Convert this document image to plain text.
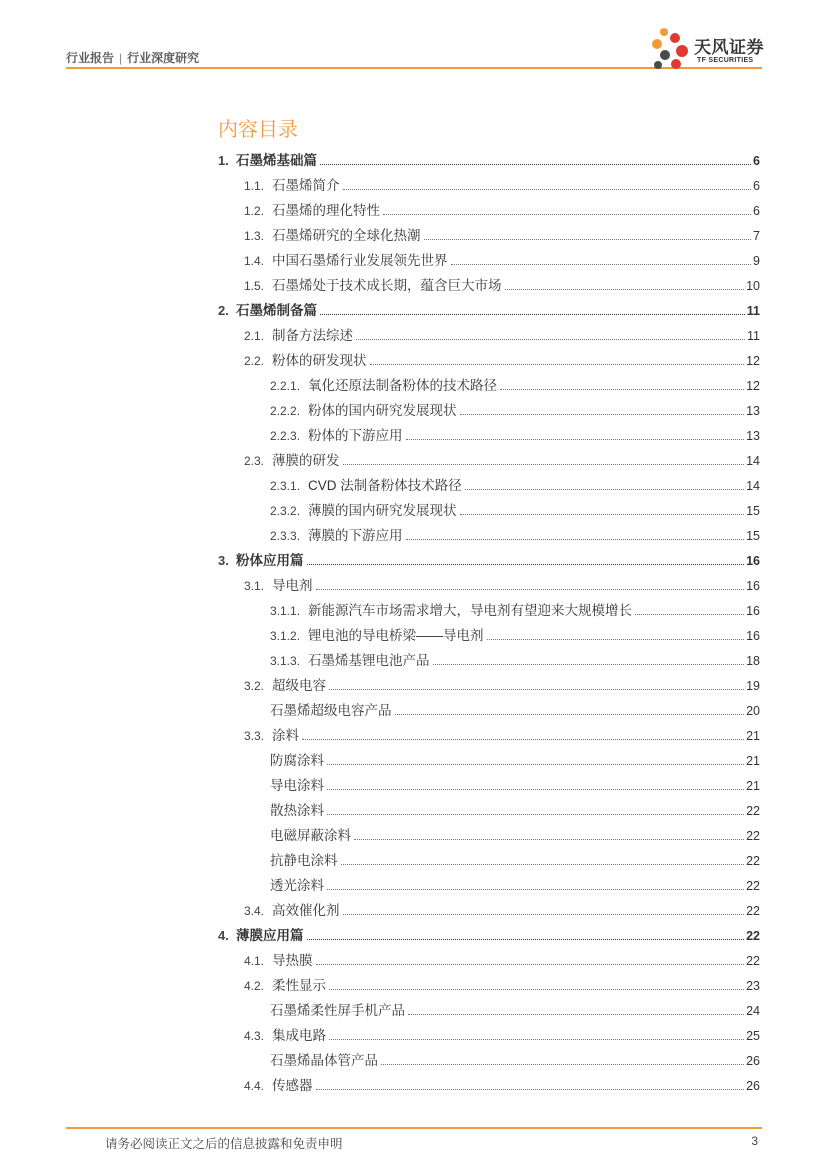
行业报告 | 行业深度研究
天风证券
TF SECURITIES
内容目录
1. 石墨烯基础篇	6
1.1. 石墨烯简介	6
1.2. 石墨烯的理化特性	6
1.3. 石墨烯研究的全球化热潮	7
1.4. 中国石墨烯行业发展领先世界	9
1.5. 石墨烯处于技术成长期，蕴含巨大市场	10
2. 石墨烯制备篇	11
2.1. 制备方法综述	11
2.2. 粉体的研发现状	12
2.2.1. 氧化还原法制备粉体的技术路径	12
2.2.2. 粉体的国内研究发展现状	13
2.2.3. 粉体的下游应用	13
2.3. 薄膜的研发	14
2.3.1. CVD 法制备粉体技术路径	14
2.3.2. 薄膜的国内研究发展现状	15
2.3.3. 薄膜的下游应用	15
3. 粉体应用篇	16
3.1. 导电剂	16
3.1.1. 新能源汽车市场需求增大，导电剂有望迎来大规模增长	16
3.1.2. 锂电池的导电桥梁——导电剂	16
3.1.3. 石墨烯基锂电池产品	18
3.2. 超级电容	19
石墨烯超级电容产品	20
3.3. 涂料	21
防腐涂料	21
导电涂料	21
散热涂料	22
电磁屏蔽涂料	22
抗静电涂料	22
透光涂料	22
3.4. 高效催化剂	22
4. 薄膜应用篇	22
4.1. 导热膜	22
4.2. 柔性显示	23
石墨烯柔性屏手机产品	24
4.3. 集成电路	25
石墨烯晶体管产品	26
4.4. 传感器	26
请务必阅读正文之后的信息披露和免责申明	3
